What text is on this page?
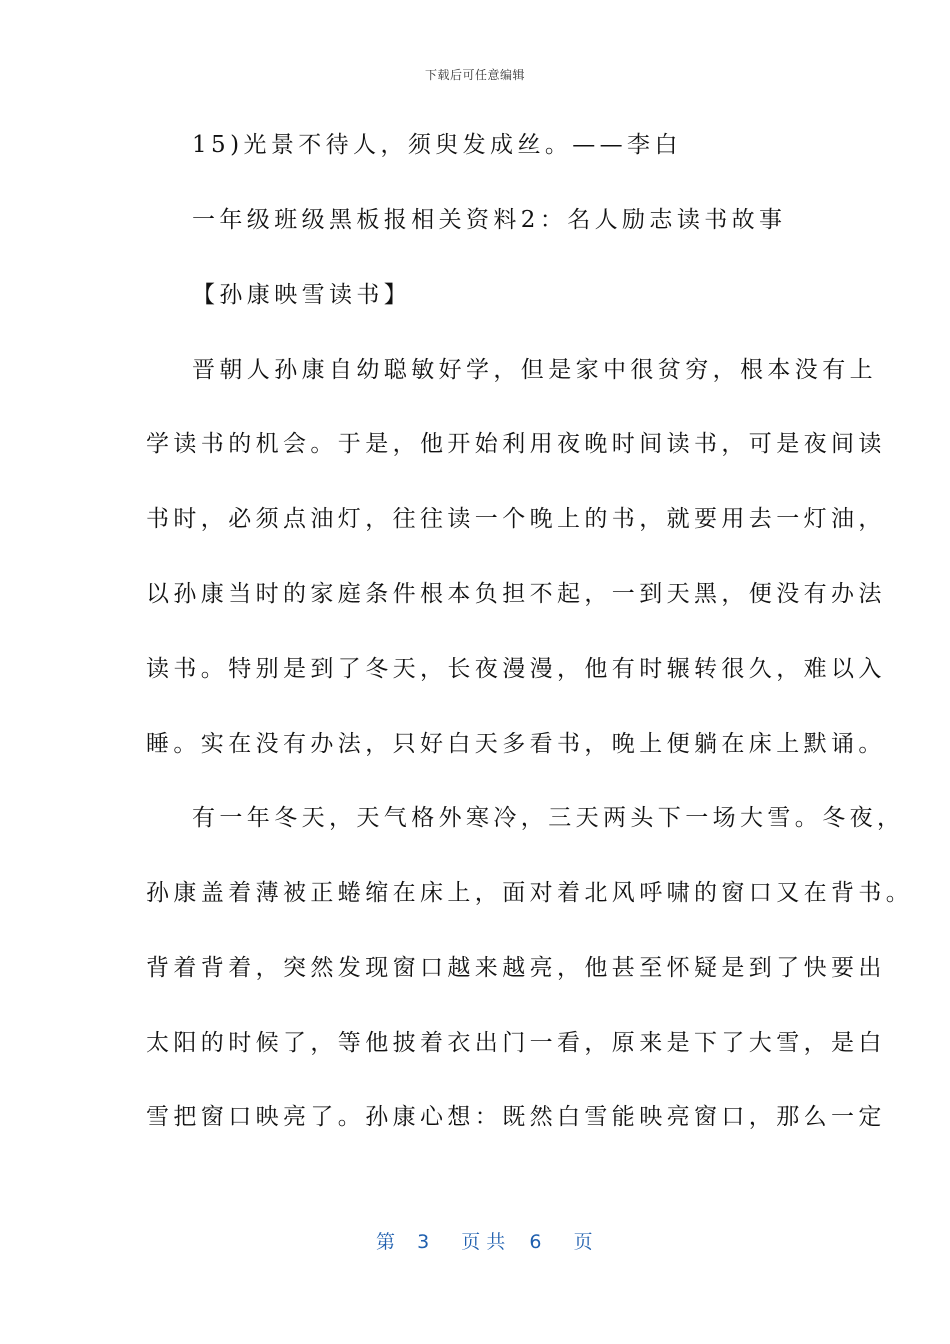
下载后可任意编辑
15)光景不待人，须臾发成丝。——李白
一年级班级黑板报相关资料2：名人励志读书故事
【孙康映雪读书】
晋朝人孙康自幼聪敏好学，但是家中很贫穷，根本没有上
学读书的机会。于是，他开始利用夜晚时间读书，可是夜间读
书时，必须点油灯，往往读一个晚上的书，就要用去一灯油，
以孙康当时的家庭条件根本负担不起，一到天黑，便没有办法
读书。特别是到了冬天，长夜漫漫，他有时辗转很久，难以入
睡。实在没有办法，只好白天多看书，晚上便躺在床上默诵。
有一年冬天，天气格外寒冷，三天两头下一场大雪。冬夜，
孙康盖着薄被正蜷缩在床上，面对着北风呼啸的窗口又在背书。
背着背着，突然发现窗口越来越亮，他甚至怀疑是到了快要出
太阳的时候了，等他披着衣出门一看，原来是下了大雪，是白
雪把窗口映亮了。孙康心想：既然白雪能映亮窗口，那么一定
第 3 页共 6 页
